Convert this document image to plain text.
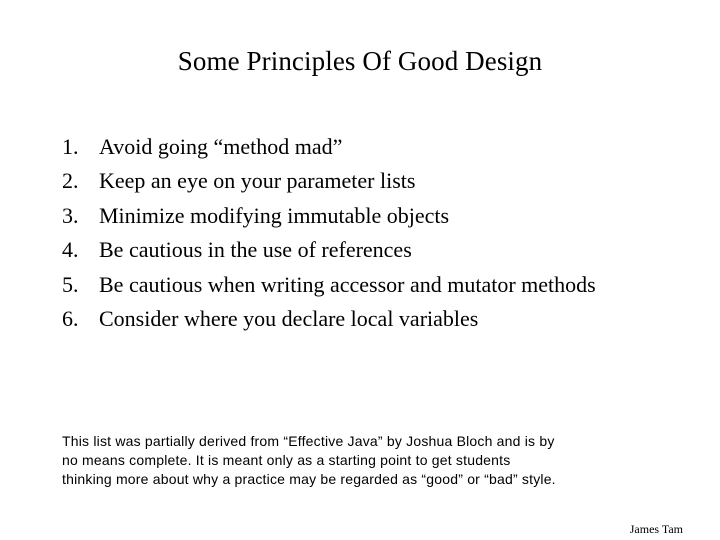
Some Principles Of Good Design
1. Avoid going “method mad”
2. Keep an eye on your parameter lists
3. Minimize modifying immutable objects
4. Be cautious in the use of references
5. Be cautious when writing accessor and mutator methods
6. Consider where you declare local variables
This list was partially derived from “Effective Java” by Joshua Bloch and is by
no means complete. It is meant only as a starting point to get students
thinking more about why a practice may be regarded as “good” or “bad” style.
James Tam
